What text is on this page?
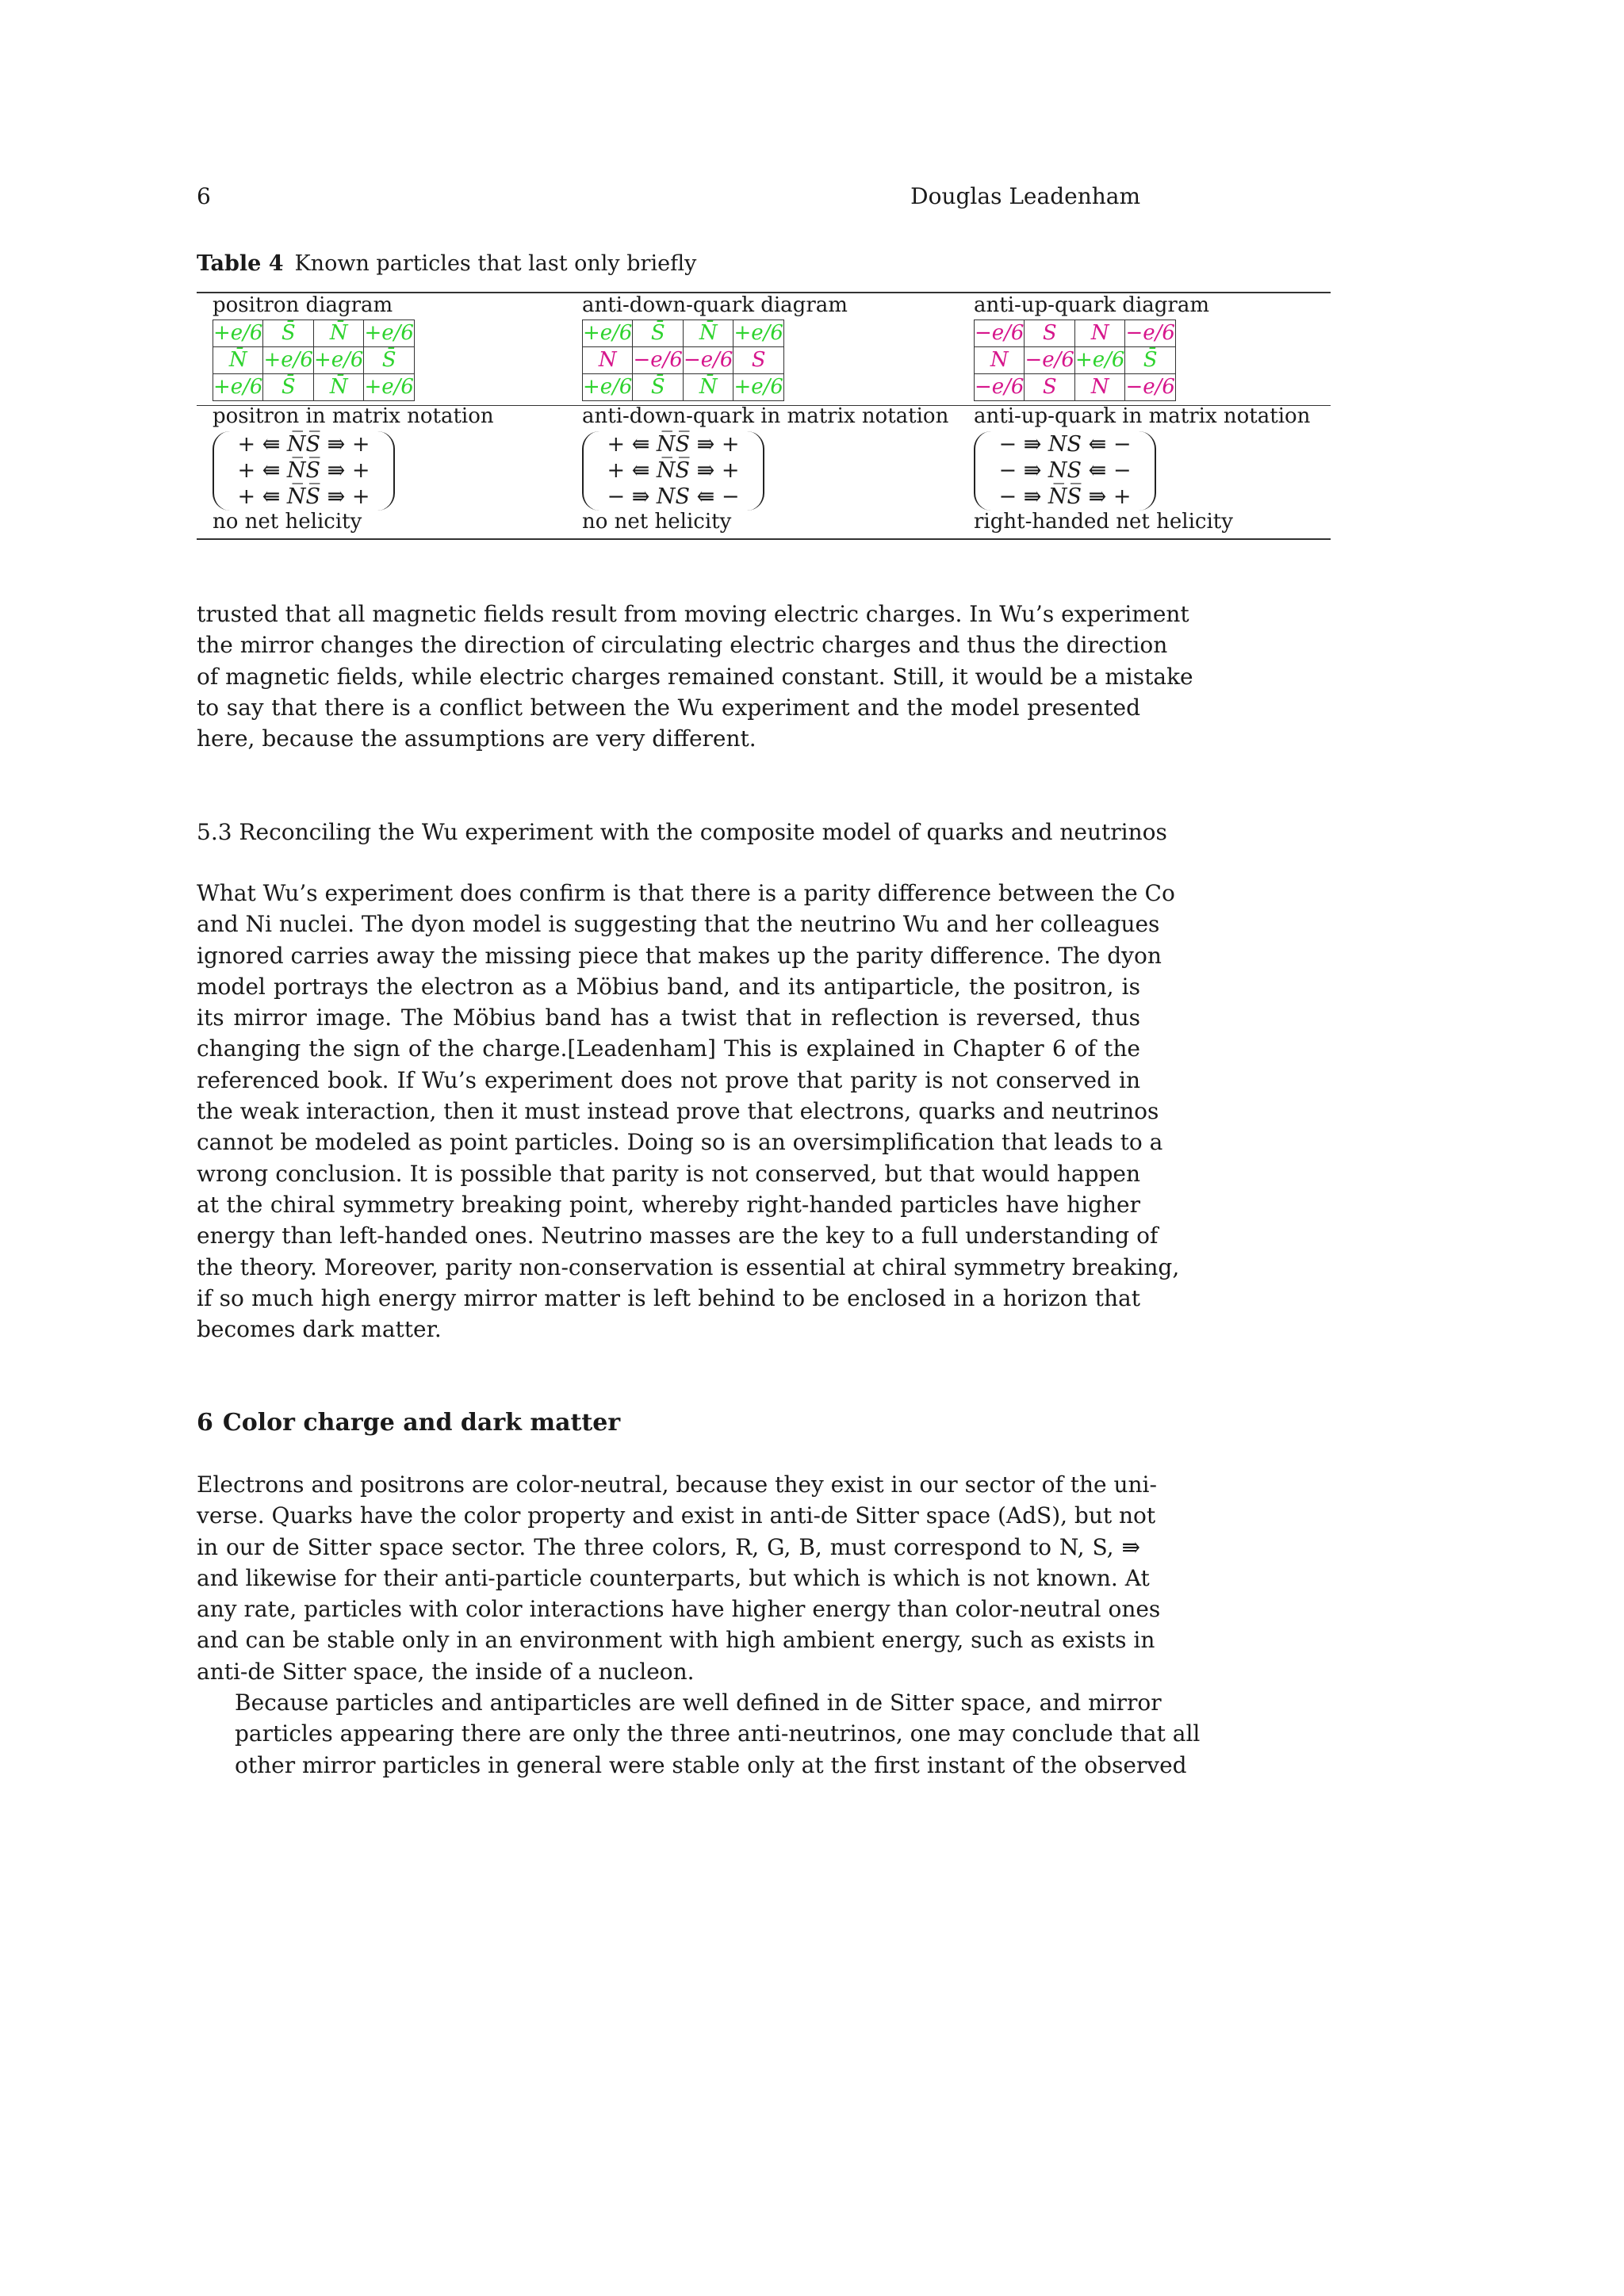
6	Douglas Leadenham
Table 4 Known particles that last only briefly
positron diagram
+e/6	S̄	N̄	+e/6
N̄	+e/6	+e/6	S̄
+e/6	S̄	N̄	+e/6
positron in matrix notation
+ ⇚ N̅S̅ ⇛ +
+ ⇚ N̅S̅ ⇛ +
+ ⇚ N̅S̅ ⇛ +
no net helicity
anti-down-quark diagram
+e/6	S̄	N̄	+e/6
N	−e/6	−e/6	S
+e/6	S̄	N̄	+e/6
anti-down-quark in matrix notation
+ ⇚ N̅S̅ ⇛ +
+ ⇚ N̅S̅ ⇛ +
− ⇛ NS ⇚ −
no net helicity
anti-up-quark diagram
−e/6	S	N	−e/6
N	−e/6	+e/6	S̄
−e/6	S	N	−e/6
anti-up-quark in matrix notation
− ⇛ NS ⇚ −
− ⇛ NS ⇚ −
− ⇛ N̅S̅ ⇛ +
right-handed net helicity
trusted that all magnetic fields result from moving electric charges. In Wu’s experiment
the mirror changes the direction of circulating electric charges and thus the direction
of magnetic fields, while electric charges remained constant. Still, it would be a mistake
to say that there is a conflict between the Wu experiment and the model presented
here, because the assumptions are very different.
5.3 Reconciling the Wu experiment with the composite model of quarks and neutrinos
What Wu’s experiment does confirm is that there is a parity difference between the Co
and Ni nuclei. The dyon model is suggesting that the neutrino Wu and her colleagues
ignored carries away the missing piece that makes up the parity difference. The dyon
model portrays the electron as a Möbius band, and its antiparticle, the positron, is
its mirror image. The Möbius band has a twist that in reflection is reversed, thus
changing the sign of the charge.[Leadenham] This is explained in Chapter 6 of the
referenced book. If Wu’s experiment does not prove that parity is not conserved in
the weak interaction, then it must instead prove that electrons, quarks and neutrinos
cannot be modeled as point particles. Doing so is an oversimplification that leads to a
wrong conclusion. It is possible that parity is not conserved, but that would happen
at the chiral symmetry breaking point, whereby right-handed particles have higher
energy than left-handed ones. Neutrino masses are the key to a full understanding of
the theory. Moreover, parity non-conservation is essential at chiral symmetry breaking,
if so much high energy mirror matter is left behind to be enclosed in a horizon that
becomes dark matter.
6 Color charge and dark matter
Electrons and positrons are color-neutral, because they exist in our sector of the uni-
verse. Quarks have the color property and exist in anti-de Sitter space (AdS), but not
in our de Sitter space sector. The three colors, R, G, B, must correspond to N, S, ⇛
and likewise for their anti-particle counterparts, but which is which is not known. At
any rate, particles with color interactions have higher energy than color-neutral ones
and can be stable only in an environment with high ambient energy, such as exists in
anti-de Sitter space, the inside of a nucleon.
Because particles and antiparticles are well defined in de Sitter space, and mirror
particles appearing there are only the three anti-neutrinos, one may conclude that all
other mirror particles in general were stable only at the first instant of the observed
